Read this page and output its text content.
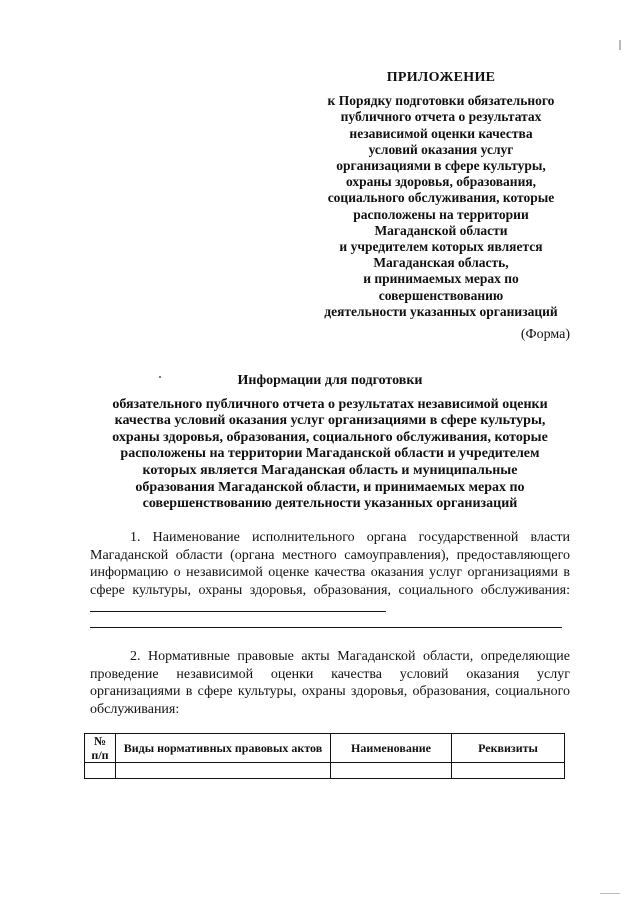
ПРИЛОЖЕНИЕ
к Порядку подготовки обязательного
публичного отчета о результатах
независимой оценки качества
условий оказания услуг
организациями в сфере культуры,
охраны здоровья, образования,
социального обслуживания, которые
расположены на территории
Магаданской области
и учредителем которых является
Магаданская область,
и принимаемых мерах по
совершенствованию
деятельности указанных организаций
(Форма)
Информации для подготовки
обязательного публичного отчета о результатах независимой оценки
качества условий оказания услуг организациями в сфере культуры,
охраны здоровья, образования, социального обслуживания, которые
расположены на территории Магаданской области и учредителем
которых является Магаданская область и муниципальные
образования Магаданской области, и принимаемых мерах по
совершенствованию деятельности указанных организаций
1. Наименование исполнительного органа государственной власти Магаданской области (органа местного самоуправления), предоставляющего информацию о независимой оценке качества оказания услуг организациями в сфере культуры, охраны здоровья, образования, социального обслуживания:
2. Нормативные правовые акты Магаданской области, определяющие проведение независимой оценки качества условий оказания услуг организациями в сфере культуры, охраны здоровья, образования, социального обслуживания:
№ п/п	Виды нормативных правовых актов	Наименование	Реквизиты
